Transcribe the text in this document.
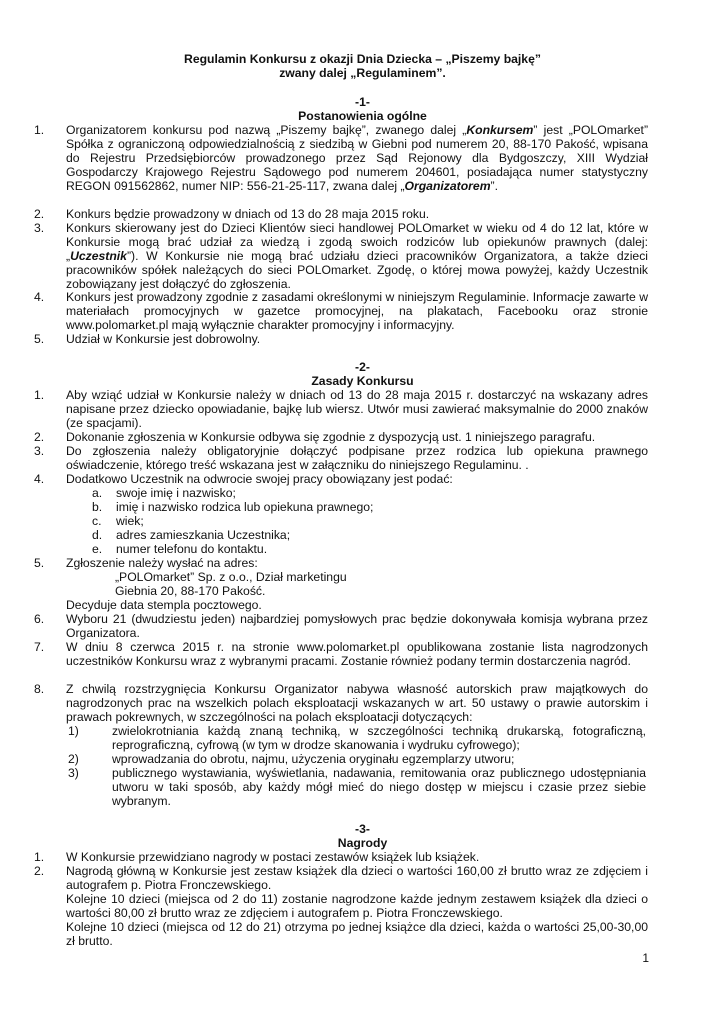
Regulamin Konkursu z okazji Dnia Dziecka – „Piszemy bajkę”
zwany dalej „Regulaminem”.
-1-
Postanowienia ogólne
1.	Organizatorem konkursu pod nazwą „Piszemy bajkę”, zwanego dalej „Konkursem” jest „POLOmarket” Spółka z ograniczoną odpowiedzialnością z siedzibą w Giebni pod numerem 20, 88-170 Pakość, wpisana do Rejestru Przedsiębiorców prowadzonego przez Sąd Rejonowy dla Bydgoszczy, XIII Wydział Gospodarczy Krajowego Rejestru Sądowego pod numerem 204601, posiadająca numer statystyczny REGON 091562862, numer NIP: 556-21-25-117, zwana dalej „Organizatorem”.
2.	Konkurs będzie prowadzony w dniach od 13 do 28 maja 2015 roku.
3.	Konkurs skierowany jest do Dzieci Klientów sieci handlowej POLOmarket w wieku od 4 do 12 lat, które w Konkursie mogą brać udział za wiedzą i zgodą swoich rodziców lub opiekunów prawnych (dalej: „Uczestnik”). W Konkursie nie mogą brać udziału dzieci pracowników Organizatora, a także dzieci pracowników spółek należących do sieci POLOmarket. Zgodę, o której mowa powyżej, każdy Uczestnik zobowiązany jest dołączyć do zgłoszenia.
4.	Konkurs jest prowadzony zgodnie z zasadami określonymi w niniejszym Regulaminie. Informacje zawarte w materiałach promocyjnych w gazetce promocyjnej, na plakatach, Facebooku oraz stronie www.polomarket.pl mają wyłącznie charakter promocyjny i informacyjny.
5.	Udział w Konkursie jest dobrowolny.
-2-
Zasady Konkursu
1.	Aby wziąć udział w Konkursie należy w dniach od 13 do 28 maja 2015 r. dostarczyć na wskazany adres napisane przez dziecko opowiadanie, bajkę lub wiersz. Utwór musi zawierać maksymalnie do 2000 znaków (ze spacjami).
2.	Dokonanie zgłoszenia w Konkursie odbywa się zgodnie z dyspozycją ust. 1 niniejszego paragrafu.
3.	Do zgłoszenia należy obligatoryjnie dołączyć podpisane przez rodzica lub opiekuna prawnego oświadczenie, którego treść wskazana jest w załączniku do niniejszego Regulaminu. .
4.	Dodatkowo Uczestnik na odwrocie swojej pracy obowiązany jest podać:
a.	swoje imię i nazwisko;
b.	imię i nazwisko rodzica lub opiekuna prawnego;
c.	wiek;
d.	adres zamieszkania Uczestnika;
e.	numer telefonu do kontaktu.
5.	Zgłoszenie należy wysłać na adres:
„POLOmarket” Sp. z o.o., Dział marketingu
Giebnia 20, 88-170 Pakość.
Decyduje data stempla pocztowego.
6.	Wyboru 21 (dwudziestu jeden) najbardziej pomysłowych prac będzie dokonywała komisja wybrana przez Organizatora.
7.	W dniu 8 czerwca 2015 r. na stronie www.polomarket.pl opublikowana zostanie lista nagrodzonych uczestników Konkursu wraz z wybranymi pracami. Zostanie również podany termin dostarczenia nagród.
8.	Z chwilą rozstrzygnięcia Konkursu Organizator nabywa własność autorskich praw majątkowych do nagrodzonych prac na wszelkich polach eksploatacji wskazanych w art. 50 ustawy o prawie autorskim i prawach pokrewnych, w szczególności na polach eksploatacji dotyczących:
1)	zwielokrotniania każdą znaną techniką, w szczególności techniką drukarską, fotograficzną, reprograficzną, cyfrową (w tym w drodze skanowania i wydruku cyfrowego);
2)	wprowadzania do obrotu, najmu, użyczenia oryginału egzemplarzy utworu;
3)	publicznego wystawiania, wyświetlania, nadawania, remitowania oraz publicznego udostępniania utworu w taki sposób, aby każdy mógł mieć do niego dostęp w miejscu i czasie przez siebie wybranym.
-3-
Nagrody
1.	W Konkursie przewidziano nagrody w postaci zestawów książek lub książek.
2.	Nagrodą główną w Konkursie jest zestaw książek dla dzieci o wartości 160,00 zł brutto wraz ze zdjęciem i autografem p. Piotra Fronczewskiego.
Kolejne 10 dzieci (miejsca od 2 do 11) zostanie nagrodzone każde jednym zestawem książek dla dzieci o wartości 80,00 zł brutto wraz ze zdjęciem i autografem p. Piotra Fronczewskiego.
Kolejne 10 dzieci (miejsca od 12 do 21) otrzyma po jednej książce dla dzieci, każda o wartości 25,00-30,00 zł brutto.
1
